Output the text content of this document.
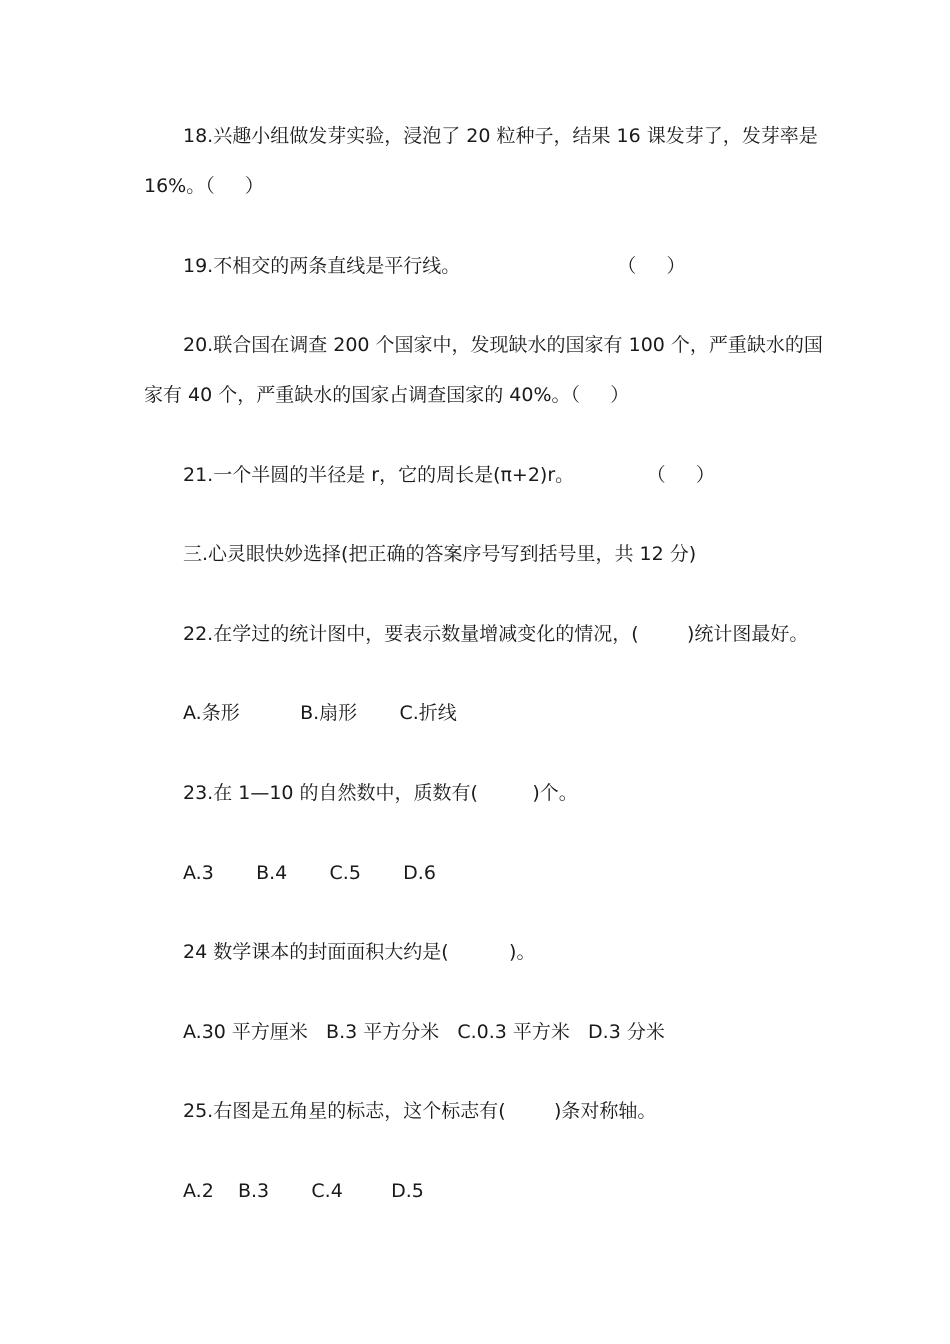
18.兴趣小组做发芽实验，浸泡了 20 粒种子，结果 16 课发芽了，发芽率是
16%。（     ）
19.不相交的两条直线是平行线。                          （     ）
20.联合国在调查 200 个国家中，发现缺水的国家有 100 个，严重缺水的国
家有 40 个，严重缺水的国家占调查国家的 40%。（     ）
21.一个半圆的半径是 r，它的周长是(π+2)r。            （     ）
三.心灵眼快妙选择(把正确的答案序号写到括号里，共 12 分)
22.在学过的统计图中，要表示数量增减变化的情况，(        )统计图最好。
A.条形          B.扇形       C.折线
23.在 1—10 的自然数中，质数有(         )个。
A.3       B.4       C.5       D.6
24 数学课本的封面面积大约是(          )。
A.30 平方厘米   B.3 平方分米   C.0.3 平方米   D.3 分米
25.右图是五角星的标志，这个标志有(        )条对称轴。
A.2    B.3       C.4        D.5
